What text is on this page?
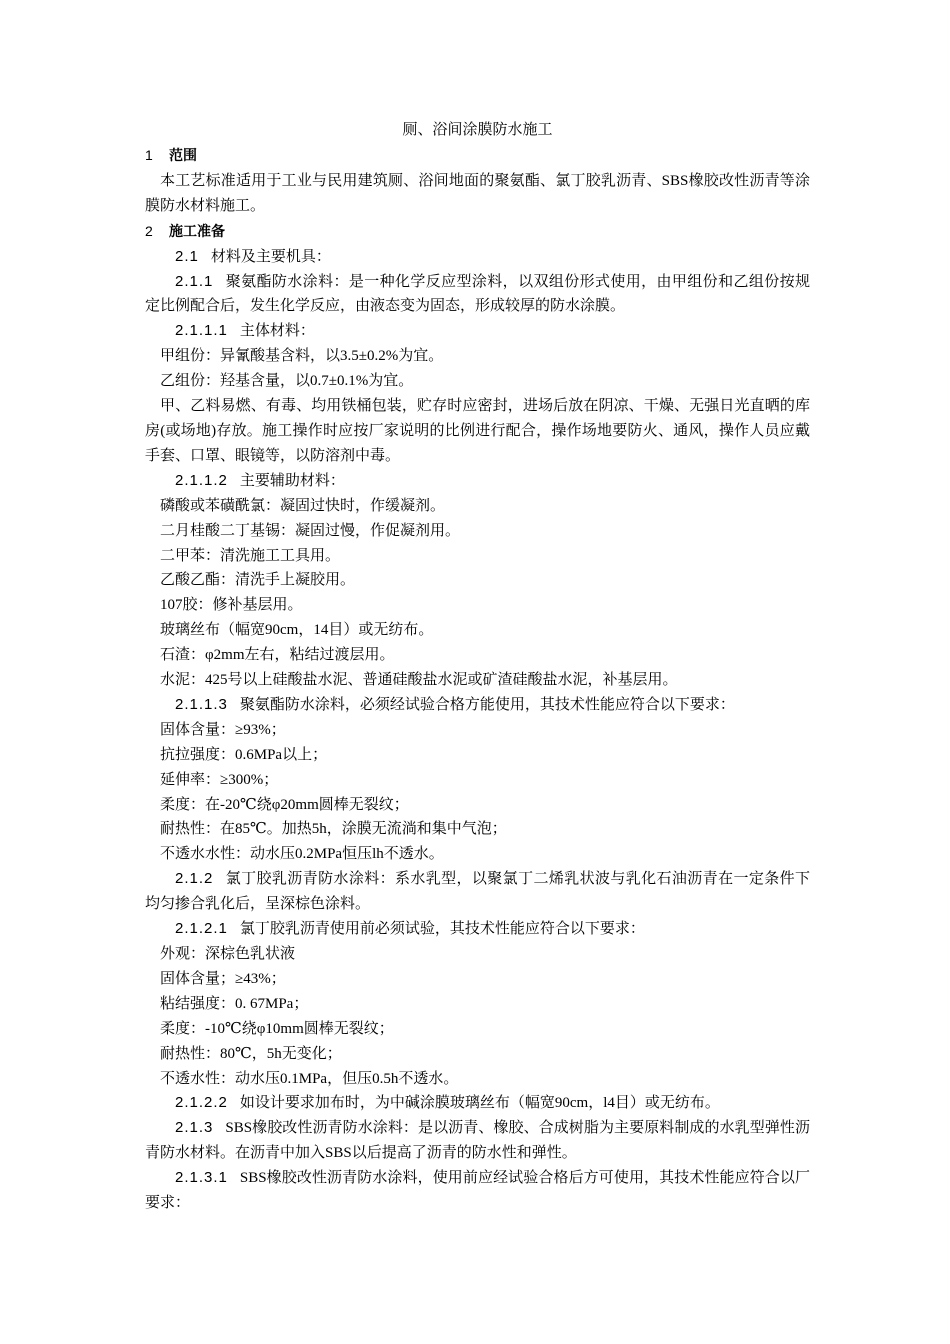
厕、浴间涂膜防水施工

1 范围

本工艺标准适用于工业与民用建筑厕、浴间地面的聚氨酯、氯丁胶乳沥青、SBS橡胶改性沥青等涂膜防水材料施工。

2 施工准备

2.1 材料及主要机具：

2.1.1 聚氨酯防水涂料：是一种化学反应型涂料，以双组份形式使用，由甲组份和乙组份按规定比例配合后，发生化学反应，由液态变为固态，形成较厚的防水涂膜。

2.1.1.1 主体材料：

甲组份：异氰酸基含料，以3.5±0.2%为宜。

乙组份：羟基含量，以0.7±0.1%为宜。

甲、乙料易燃、有毒、均用铁桶包装，贮存时应密封，进场后放在阴凉、干燥、无强日光直晒的库房(或场地)存放。施工操作时应按厂家说明的比例进行配合，操作场地要防火、通风，操作人员应戴手套、口罩、眼镜等，以防溶剂中毒。

2.1.1.2 主要辅助材料：

磷酸或苯磺酰氯：凝固过快时，作缓凝剂。

二月桂酸二丁基锡：凝固过慢，作促凝剂用。

二甲苯：清洗施工工具用。

乙酸乙酯：清洗手上凝胶用。

107胶：修补基层用。

玻璃丝布（幅宽90cm，14目）或无纺布。

石渣：φ2mm左右，粘结过渡层用。

水泥：425号以上硅酸盐水泥、普通硅酸盐水泥或矿渣硅酸盐水泥，补基层用。

2.1.1.3 聚氨酯防水涂料，必须经试验合格方能使用，其技术性能应符合以下要求：

固体含量：≥93%；

抗拉强度：0.6MPa以上；

延伸率：≥300%；

柔度：在-20℃绕φ20mm圆棒无裂纹；

耐热性：在85℃。加热5h，涂膜无流淌和集中气泡；

不透水水性：动水压0.2MPa恒压lh不透水。

2.1.2 氯丁胶乳沥青防水涂料：系水乳型，以聚氯丁二烯乳状波与乳化石油沥青在一定条件下均匀掺合乳化后，呈深棕色涂料。

2.1.2.1 氯丁胶乳沥青使用前必须试验，其技术性能应符合以下要求：

外观：深棕色乳状液

固体含量；≥43%；

粘结强度：0. 67MPa；

柔度：-10℃绕φ10mm圆棒无裂纹；

耐热性：80℃，5h无变化；

不透水性：动水压0.1MPa，但压0.5h不透水。

2.1.2.2 如设计要求加布时，为中碱涂膜玻璃丝布（幅宽90cm，l4目）或无纺布。

2.1.3 SBS橡胶改性沥青防水涂料：是以沥青、橡胶、合成树脂为主要原料制成的水乳型弹性沥青防水材料。在沥青中加入SBS以后提高了沥青的防水性和弹性。

2.1.3.1 SBS橡胶改性沥青防水涂料，使用前应经试验合格后方可使用，其技术性能应符合以厂要求：
